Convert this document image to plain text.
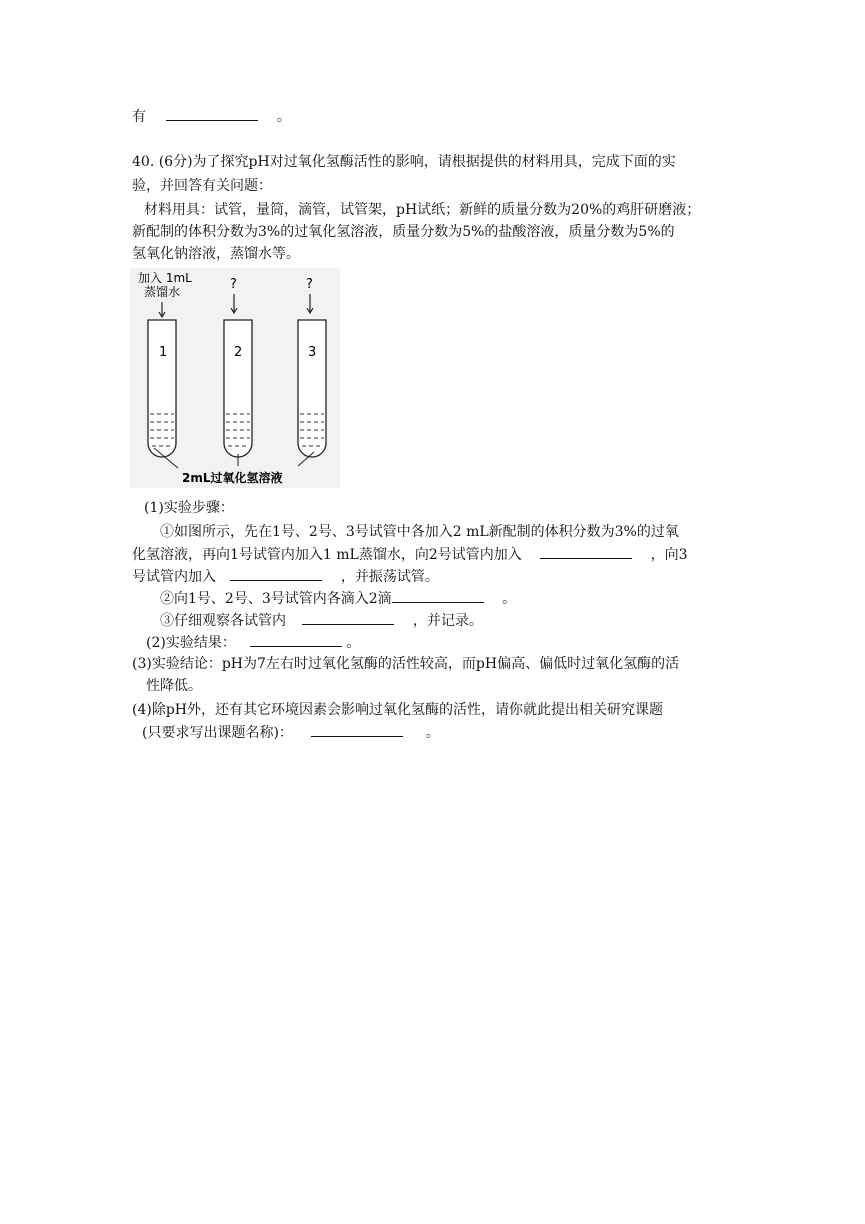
有	。
40. (6分)为了探究pH对过氧化氢酶活性的影响，请根据提供的材料用具，完成下面的实
验，并回答有关问题：
材料用具：试管，量筒，滴管，试管架，pH试纸；新鲜的质量分数为20%的鸡肝研磨液；
新配制的体积分数为3%的过氧化氢溶液，质量分数为5%的盐酸溶液，质量分数为5%的
氢氧化钠溶液，蒸馏水等。
加入 1mL
蒸馏水	?	?
1	2	3
2mL过氧化氢溶液
(1)实验步骤：
①如图所示，先在1号、2号、3号试管中各加入2 mL新配制的体积分数为3%的过氧
化氢溶液，再向1号试管内加入1 mL蒸馏水，向2号试管内加入	，向3
号试管内加入	，并振荡试管。
②向1号、2号、3号试管内各滴入2滴	。
③仔细观察各试管内	，并记录。
(2)实验结果：	。
(3)实验结论：pH为7左右时过氧化氢酶的活性较高，而pH偏高、偏低时过氧化氢酶的活
性降低。
(4)除pH外，还有其它环境因素会影响过氧化氢酶的活性，请你就此提出相关研究课题
(只要求写出课题名称)：	。
